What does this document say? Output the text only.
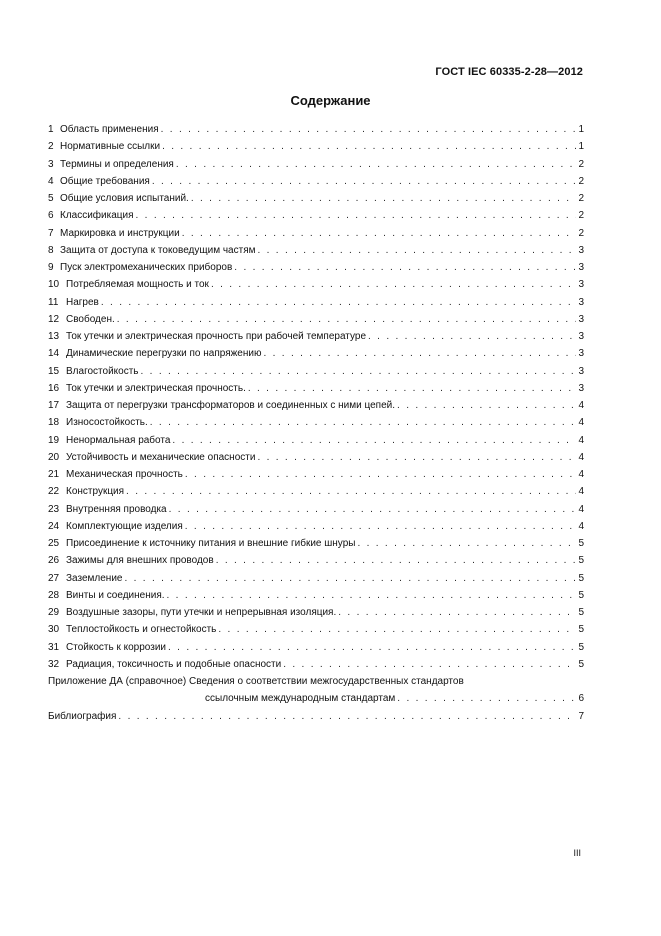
ГОСТ IEC 60335-2-28—2012
Содержание
1 Область применения . . .	1
2 Нормативные ссылки . . .	1
3 Термины и определения . . .	2
4 Общие требования . . .	2
5 Общие условия испытаний. . . .	2
6 Классификация . . .	2
7 Маркировка и инструкции . . .	2
8 Защита от доступа к токоведущим частям . . .	3
9 Пуск электромеханических приборов . . .	3
10 Потребляемая мощность и ток . . .	3
11 Нагрев . . .	3
12 Свободен. . . .	3
13 Ток утечки и электрическая прочность при рабочей температуре . . .	3
14 Динамические перегрузки по напряжению . . .	3
15 Влагостойкость . . .	3
16 Ток утечки и электрическая прочность. . . .	3
17 Защита от перегрузки трансформаторов и соединенных с ними цепей. . . .	4
18 Износостойкость. . . .	4
19 Ненормальная работа . . .	4
20 Устойчивость и механические опасности . . .	4
21 Механическая прочность . . .	4
22 Конструкция . . .	4
23 Внутренняя проводка . . .	4
24 Комплектующие изделия . . .	4
25 Присоединение к источнику питания и внешние гибкие шнуры . . .	5
26 Зажимы для внешних проводов . . .	5
27 Заземление . . .	5
28 Винты и соединения. . . .	5
29 Воздушные зазоры, пути утечки и непрерывная изоляция. . . .	5
30 Теплостойкость и огнестойкость . . .	5
31 Стойкость к коррозии . . .	5
32 Радиация, токсичность и подобные опасности . . .	5
Приложение ДА (справочное) Сведения о соответствии межгосударственных стандартов
ссылочным международным стандартам . . .	6
Библиография . . .	7
III
